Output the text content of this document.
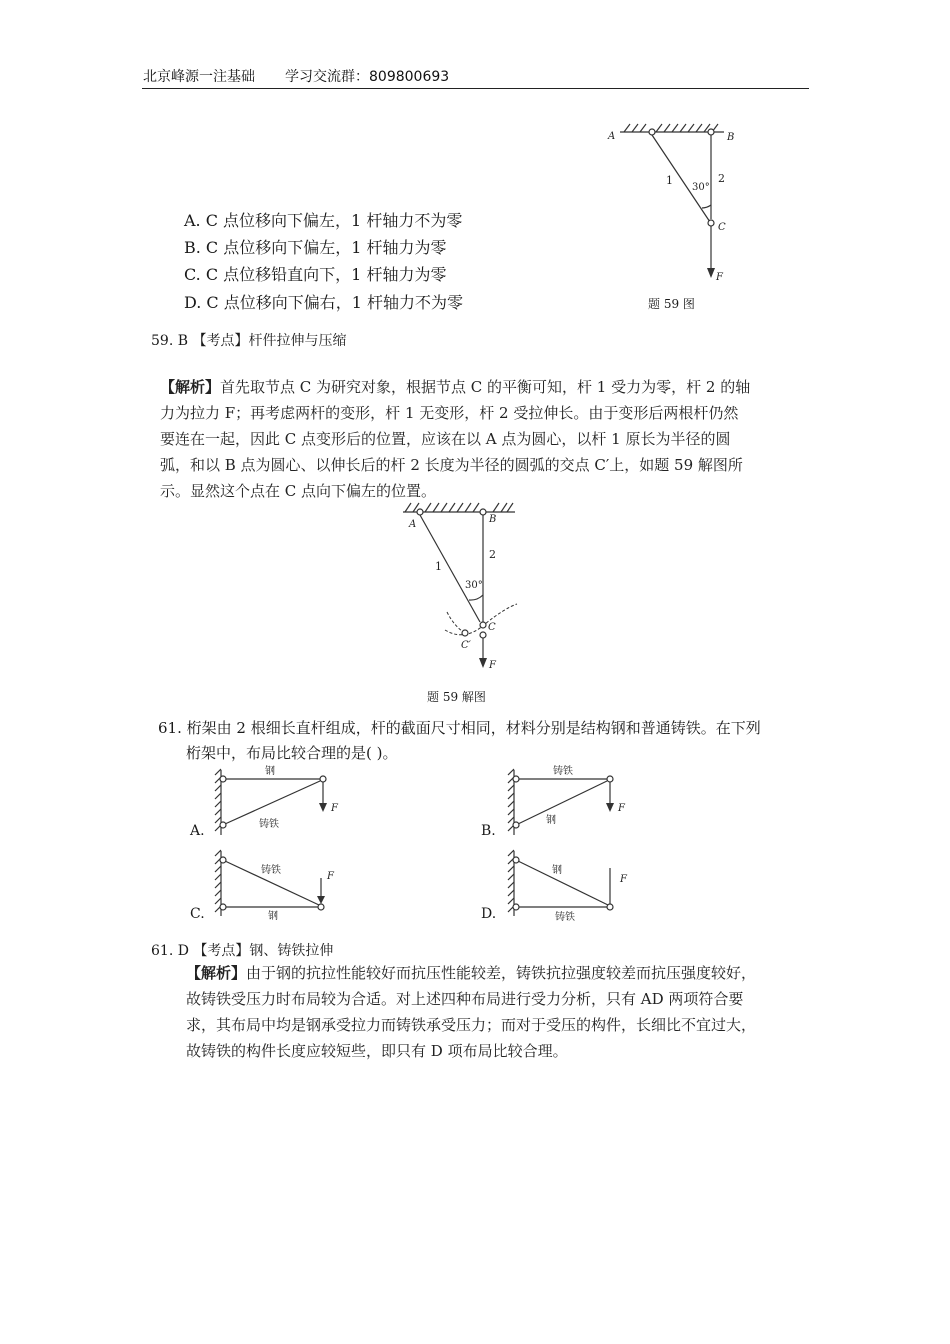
北京峰源一注基础 学习交流群：809800693
A. C 点位移向下偏左，1 杆轴力不为零
B. C 点位移向下偏左，1 杆轴力为零
C. C 点位移铅直向下，1 杆轴力为零
D. C 点位移向下偏右，1 杆轴力不为零
A	B
C
F
1	2
30°
题 59 图
59. B 【考点】杆件拉伸与压缩
【解析】首先取节点 C 为研究对象，根据节点 C 的平衡可知，杆 1 受力为零，杆 2 的轴
力为拉力 F；再考虑两杆的变形，杆 1 无变形，杆 2 受拉伸长。由于变形后两根杆仍然
要连在一起，因此 C 点变形后的位置，应该在以 A 点为圆心，以杆 1 原长为半径的圆
弧，和以 B 点为圆心、以伸长后的杆 2 长度为半径的圆弧的交点 C′上，如题 59 解图所
示。显然这个点在 C 点向下偏左的位置。
A	B
C
C′
F
1
2
30°
题 59 解图
61. 桁架由 2 根细长直杆组成，杆的截面尺寸相同，材料分别是结构钢和普通铸铁。在下列
桁架中，布局比较合理的是( )。
钢
铸铁
F
A.
铸铁
钢
F
B.
铸铁
钢
F
C.
钢
铸铁
F
D.
61. D 【考点】钢、铸铁拉伸
【解析】由于钢的抗拉性能较好而抗压性能较差，铸铁抗拉强度较差而抗压强度较好，
故铸铁受压力时布局较为合适。对上述四种布局进行受力分析，只有 AD 两项符合要
求，其布局中均是钢承受拉力而铸铁承受压力；而对于受压的构件，长细比不宜过大，
故铸铁的构件长度应较短些，即只有 D 项布局比较合理。
